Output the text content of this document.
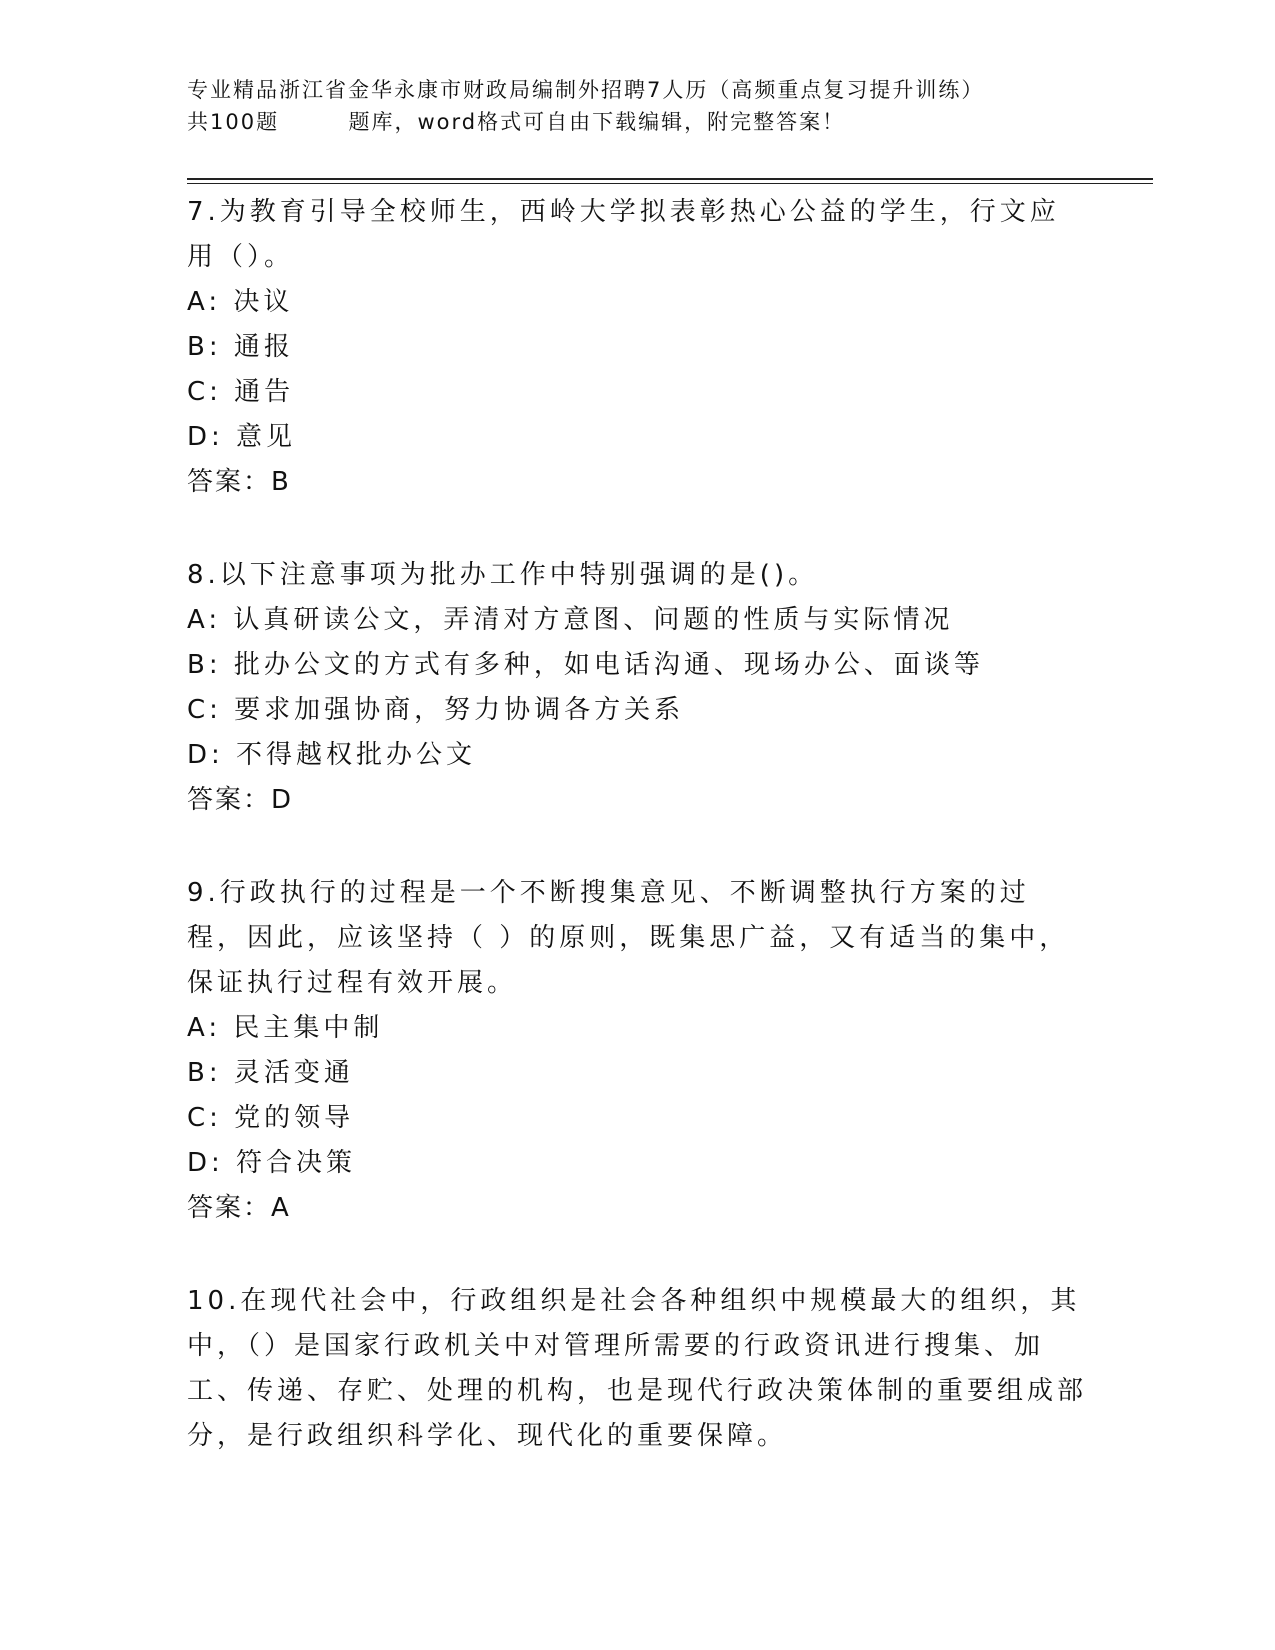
专业精品浙江省金华永康市财政局编制外招聘7人历（高频重点复习提升训练）
共100题        题库，word格式可自由下载编辑，附完整答案！
7.为教育引导全校师生，西岭大学拟表彰热心公益的学生，行文应用（）。
A: 决议
B: 通报
C: 通告
D: 意见
答案：B
8.以下注意事项为批办工作中特别强调的是()。
A: 认真研读公文，弄清对方意图、问题的性质与实际情况
B: 批办公文的方式有多种，如电话沟通、现场办公、面谈等
C: 要求加强协商，努力协调各方关系
D: 不得越权批办公文
答案：D
9.行政执行的过程是一个不断搜集意见、不断调整执行方案的过程，因此，应该坚持（ ）的原则，既集思广益，又有适当的集中，保证执行过程有效开展。
A: 民主集中制
B: 灵活变通
C: 党的领导
D: 符合决策
答案：A
10.在现代社会中，行政组织是社会各种组织中规模最大的组织，其中，（）是国家行政机关中对管理所需要的行政资讯进行搜集、加工、传递、存贮、处理的机构，也是现代行政决策体制的重要组成部分，是行政组织科学化、现代化的重要保障。
